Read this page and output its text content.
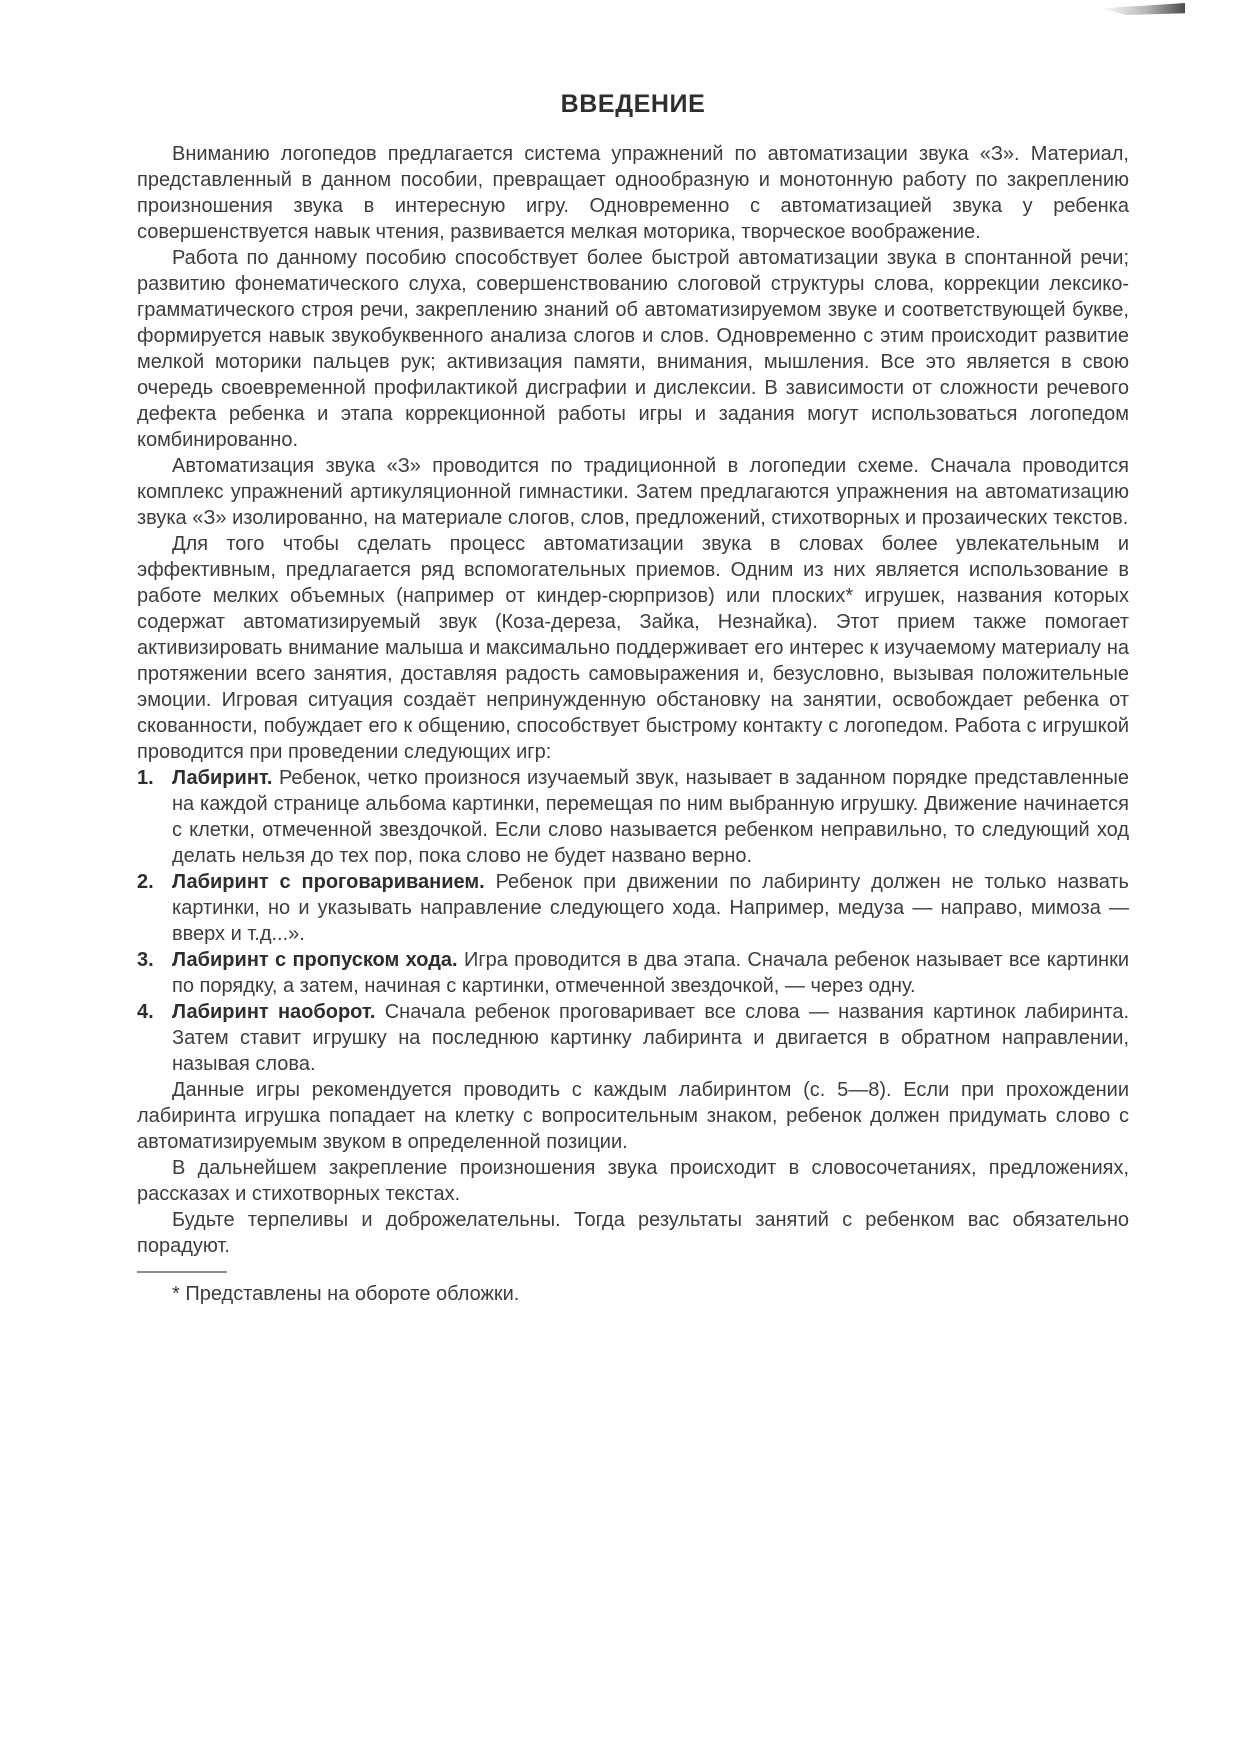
ВВЕДЕНИЕ

Вниманию логопедов предлагается система упражнений по автоматизации звука «З». Материал, представленный в данном пособии, превращает однообразную и монотонную работу по закреплению произношения звука в интересную игру. Одновременно с автоматизацией звука у ребенка совершенствуется навык чтения, развивается мелкая моторика, творческое воображение.

Работа по данному пособию способствует более быстрой автоматизации звука в спонтанной речи; развитию фонематического слуха, совершенствованию слоговой структуры слова, коррекции лексико-грамматического строя речи, закреплению знаний об автоматизируемом звуке и соответствующей букве, формируется навык звукобуквенного анализа слогов и слов. Одновременно с этим происходит развитие мелкой моторики пальцев рук; активизация памяти, внимания, мышления. Все это является в свою очередь своевременной профилактикой дисграфии и дислексии. В зависимости от сложности речевого дефекта ребенка и этапа коррекционной работы игры и задания могут использоваться логопедом комбинированно.

Автоматизация звука «З» проводится по традиционной в логопедии схеме. Сначала проводится комплекс упражнений артикуляционной гимнастики. Затем предлагаются упражнения на автоматизацию звука «З» изолированно, на материале слогов, слов, предложений, стихотворных и прозаических текстов.

Для того чтобы сделать процесс автоматизации звука в словах более увлекательным и эффективным, предлагается ряд вспомогательных приемов. Одним из них является использование в работе мелких объемных (например от киндер-сюрпризов) или плоских* игрушек, названия которых содержат автоматизируемый звук (Коза-дереза, Зайка, Незнайка). Этот прием также помогает активизировать внимание малыша и максимально поддерживает его интерес к изучаемому материалу на протяжении всего занятия, доставляя радость самовыражения и, безусловно, вызывая положительные эмоции. Игровая ситуация создаёт непринужденную обстановку на занятии, освобождает ребенка от скованности, побуждает его к общению, способствует быстрому контакту с логопедом. Работа с игрушкой проводится при проведении следующих игр:

1. Лабиринт. Ребенок, четко произнося изучаемый звук, называет в заданном порядке представленные на каждой странице альбома картинки, перемещая по ним выбранную игрушку. Движение начинается с клетки, отмеченной звездочкой. Если слово называется ребенком неправильно, то следующий ход делать нельзя до тех пор, пока слово не будет названо верно.
2. Лабиринт с проговариванием. Ребенок при движении по лабиринту должен не только назвать картинки, но и указывать направление следующего хода. Например, медуза — направо, мимоза — вверх и т.д...».
3. Лабиринт с пропуском хода. Игра проводится в два этапа. Сначала ребенок называет все картинки по порядку, а затем, начиная с картинки, отмеченной звездочкой, — через одну.
4. Лабиринт наоборот. Сначала ребенок проговаривает все слова — названия картинок лабиринта. Затем ставит игрушку на последнюю картинку лабиринта и двигается в обратном направлении, называя слова.

Данные игры рекомендуется проводить с каждым лабиринтом (с. 5—8). Если при прохождении лабиринта игрушка попадает на клетку с вопросительным знаком, ребенок должен придумать слово с автоматизируемым звуком в определенной позиции.

В дальнейшем закрепление произношения звука происходит в словосочетаниях, предложениях, рассказах и стихотворных текстах.

Будьте терпеливы и доброжелательны. Тогда результаты занятий с ребенком вас обязательно порадуют.

* Представлены на обороте обложки.
